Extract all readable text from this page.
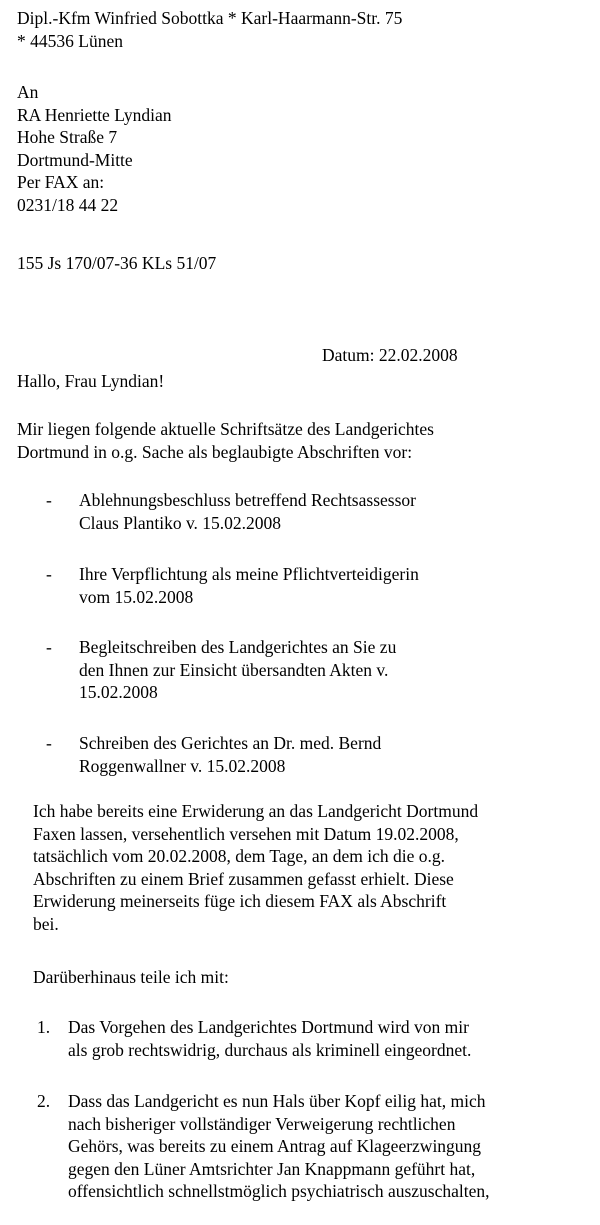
Dipl.-Kfm Winfried Sobottka * Karl-Haarmann-Str. 75
* 44536 Lünen
An
RA Henriette Lyndian
Hohe Straße 7
Dortmund-Mitte
Per FAX an:
0231/18 44 22
155 Js 170/07-36 KLs 51/07
Datum: 22.02.2008
Hallo, Frau Lyndian!
Mir liegen folgende aktuelle Schriftsätze des Landgerichtes
Dortmund in o.g. Sache als beglaubigte Abschriften vor:
- Ablehnungsbeschluss betreffend Rechtsassessor
Claus Plantiko v. 15.02.2008
- Ihre Verpflichtung als meine Pflichtverteidigerin
vom 15.02.2008
- Begleitschreiben des Landgerichtes an Sie zu
den Ihnen zur Einsicht übersandten Akten v.
15.02.2008
- Schreiben des Gerichtes an Dr. med. Bernd
Roggenwallner v. 15.02.2008
Ich habe bereits eine Erwiderung an das Landgericht Dortmund
Faxen lassen, versehentlich versehen mit Datum 19.02.2008,
tatsächlich vom 20.02.2008, dem Tage, an dem ich die o.g.
Abschriften zu einem Brief zusammen gefasst erhielt. Diese
Erwiderung meinerseits füge ich diesem FAX als Abschrift
bei.
Darüberhinaus teile ich mit:
1. Das Vorgehen des Landgerichtes Dortmund wird von mir
als grob rechtswidrig, durchaus als kriminell eingeordnet.
2. Dass das Landgericht es nun Hals über Kopf eilig hat, mich
nach bisheriger vollständiger Verweigerung rechtlichen
Gehörs, was bereits zu einem Antrag auf Klageerzwingung
gegen den Lüner Amtsrichter Jan Knappmann geführt hat,
offensichtlich schnellstmöglich psychiatrisch auszuschalten,
